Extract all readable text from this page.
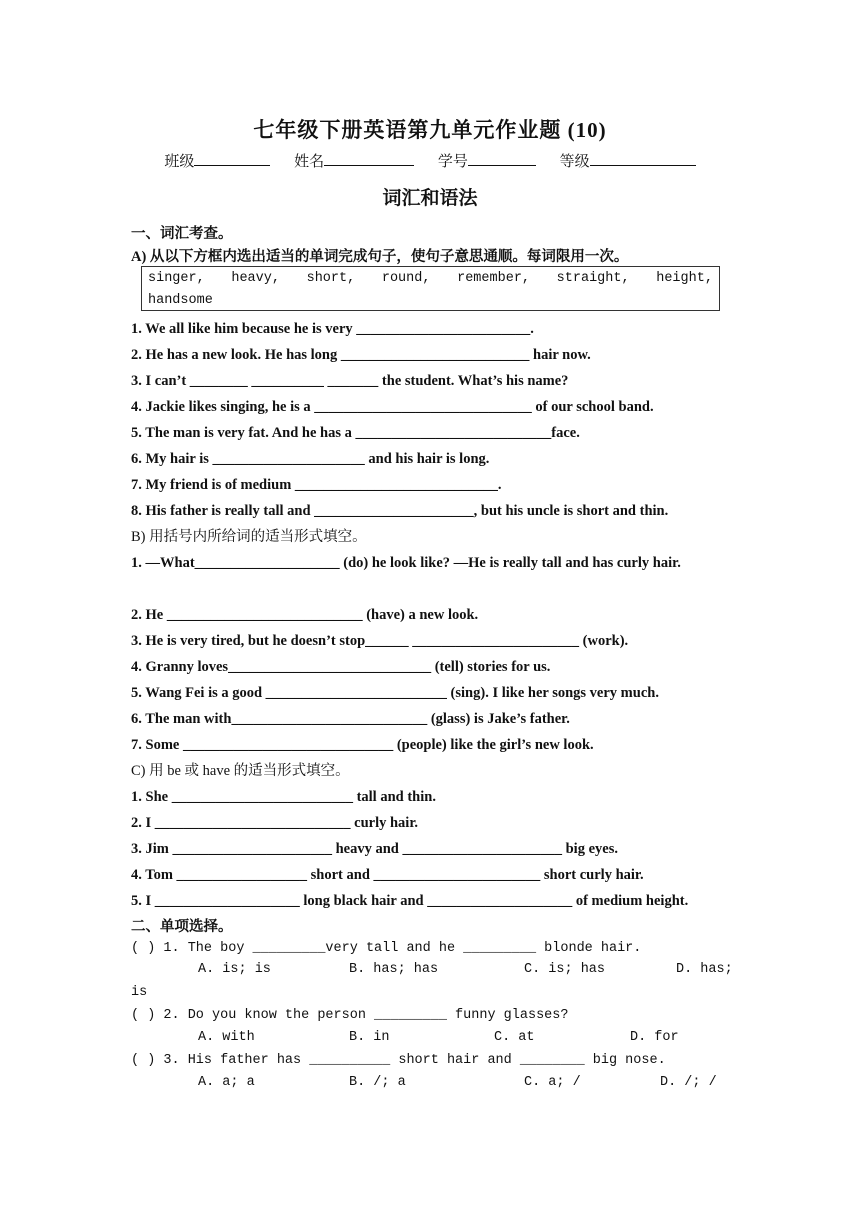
七年级下册英语第九单元作业题 (10)
班级	姓名	学号	等级
词汇和语法
一、词汇考查。
A) 从以下方框内选出适当的单词完成句子，使句子意思通顺。每词限用一次。
singer, heavy, short, round, remember, straight, height,
handsome
1. We all like him because he is very ________________________.
2. He has a new look. He has long __________________________ hair now.
3. I can’t ________ __________ _______ the student. What’s his name?
4. Jackie likes singing, he is a ______________________________ of our school band.
5. The man is very fat. And he has a ___________________________face.
6. My hair is _____________________ and his hair is long.
7. My friend is of medium ____________________________.
8. His father is really tall and ______________________, but his uncle is short and thin.
B) 用括号内所给词的适当形式填空。
1. —What____________________ (do) he look like? —He is really tall and has curly hair.
2. He ___________________________ (have) a new look.
3. He is very tired, but he doesn’t stop______ _______________________ (work).
4. Granny loves____________________________ (tell) stories for us.
5. Wang Fei is a good _________________________ (sing). I like her songs very much.
6. The man with___________________________ (glass) is Jake’s father.
7. Some _____________________________ (people) like the girl’s new look.
C) 用 be 或 have 的适当形式填空。
1. She _________________________ tall and thin.
2. I ___________________________ curly hair.
3. Jim ______________________ heavy and ______________________ big eyes.
4. Tom __________________ short and _______________________ short curly hair.
5. I ____________________ long black hair and ____________________ of medium height.
二、单项选择。
( ) 1. The boy _________very tall and he _________ blonde hair.
A. is; is	B. has; has	C. is; has	D. has;
is
( ) 2. Do you know the person _________ funny glasses?
A. with	B. in	C. at	D. for
( ) 3. His father has __________ short hair and ________ big nose.
A. a; a	B. /; a	C. a; /	D. /; /
